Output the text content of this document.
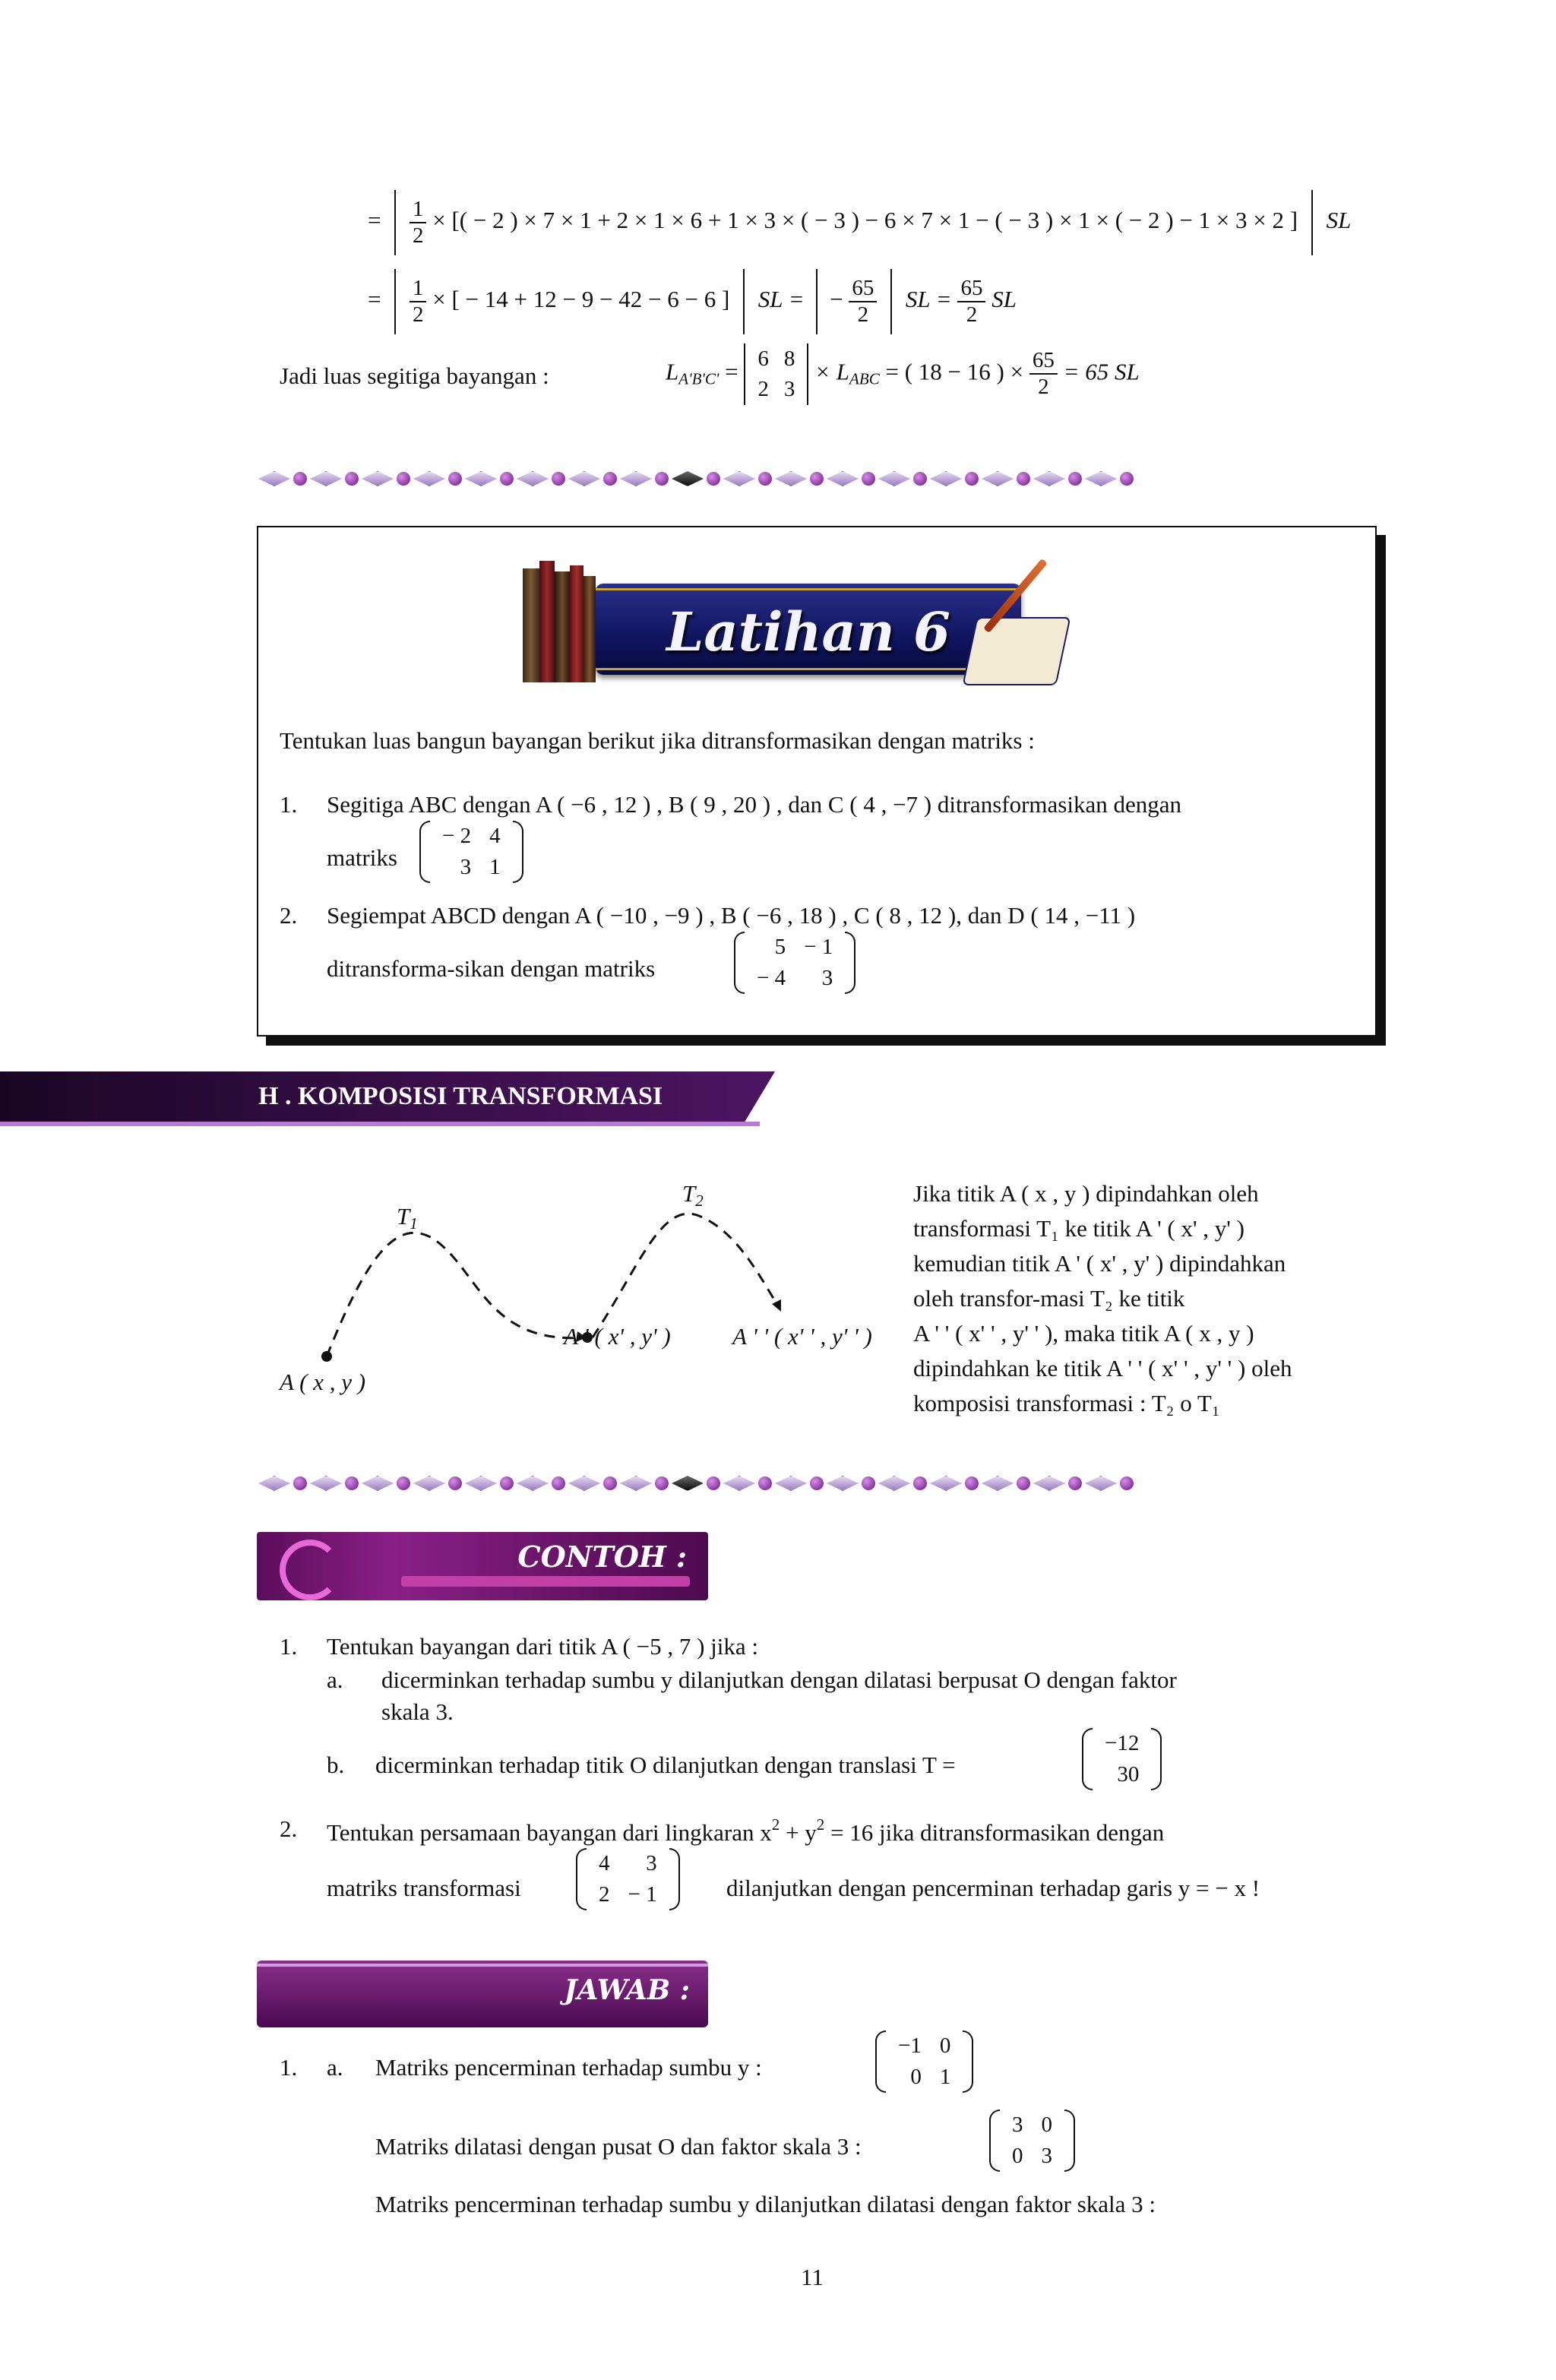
= $\frac{1}{2}$ × [( − 2 ) × 7 × 1 + 2 × 1 × 6 + 1 × 3 × ( − 3 ) − 6 × 7 × 1 − ( − 3 ) × 1 × ( − 2 ) − 1 × 3 × 2 ] SL
= $\frac{1}{2}$ × [ − 14 + 12 − 9 − 42 − 6 − 6 ] SL =  − $\frac{65}{2}$ SL = $\frac{65}{2}$ SL
Jadi luas segitiga bayangan :	$L_{A'B'C'} = 6$	8
2	3
× $L_{ABC}$ = ( 18 − 16 ) × $\frac{65}{2} = 65$ SL
Latihan 6
Tentukan luas bangun bayangan berikut jika ditransformasikan dengan matriks :
1. Segitiga ABC dengan A ( −6 , 12 ) , B ( 9 , 20 ) , dan C ( 4 , −7 ) ditransformasikan dengan
matriks
− 2	4
3	1
2. Segiempat ABCD dengan A ( −10 , −9 ) , B ( −6 , 18 ) , C ( 8 , 12 ), dan D ( 14 , −11 )
ditransforma-sikan dengan matriks
5	− 1
− 4	3
H . KOMPOSISI TRANSFORMASI
$T_1$
$T_2$
A ( x , y )
A ' ( x' , y' )	A ' ' ( x' ' , y' ' )
Jika titik A ( x , y ) dipindahkan oleh
transformasi T₁ ke titik A ' ( x' , y' )
kemudian titik A ' ( x' , y' ) dipindahkan
oleh transfor-masi T₂ ke titik
A ' ' ( x' ' , y' ' ), maka titik A ( x , y )
dipindahkan ke titik A ' ' ( x' ' , y' ' ) oleh
komposisi transformasi : T₂ o T₁
CONTOH :
1. Tentukan bayangan dari titik A ( −5 , 7 ) jika :
a. dicerminkan terhadap sumbu y dilanjutkan dengan dilatasi berpusat O dengan faktor
skala 3.
b. dicerminkan terhadap titik O dilanjutkan dengan translasi T =
−12
30
2. Tentukan persamaan bayangan dari lingkaran $x^2 + y^2 = 16$ jika ditransformasikan dengan
matriks transformasi
4	3
2	− 1	dilanjutkan dengan pencerminan terhadap garis y = − x !
JAWAB :
1. a. Matriks pencerminan terhadap sumbu y :
−1	0
0	1
Matriks dilatasi dengan pusat O dan faktor skala 3 :
3	0
0	3
Matriks pencerminan terhadap sumbu y dilanjutkan dilatasi dengan faktor skala 3 :
11
